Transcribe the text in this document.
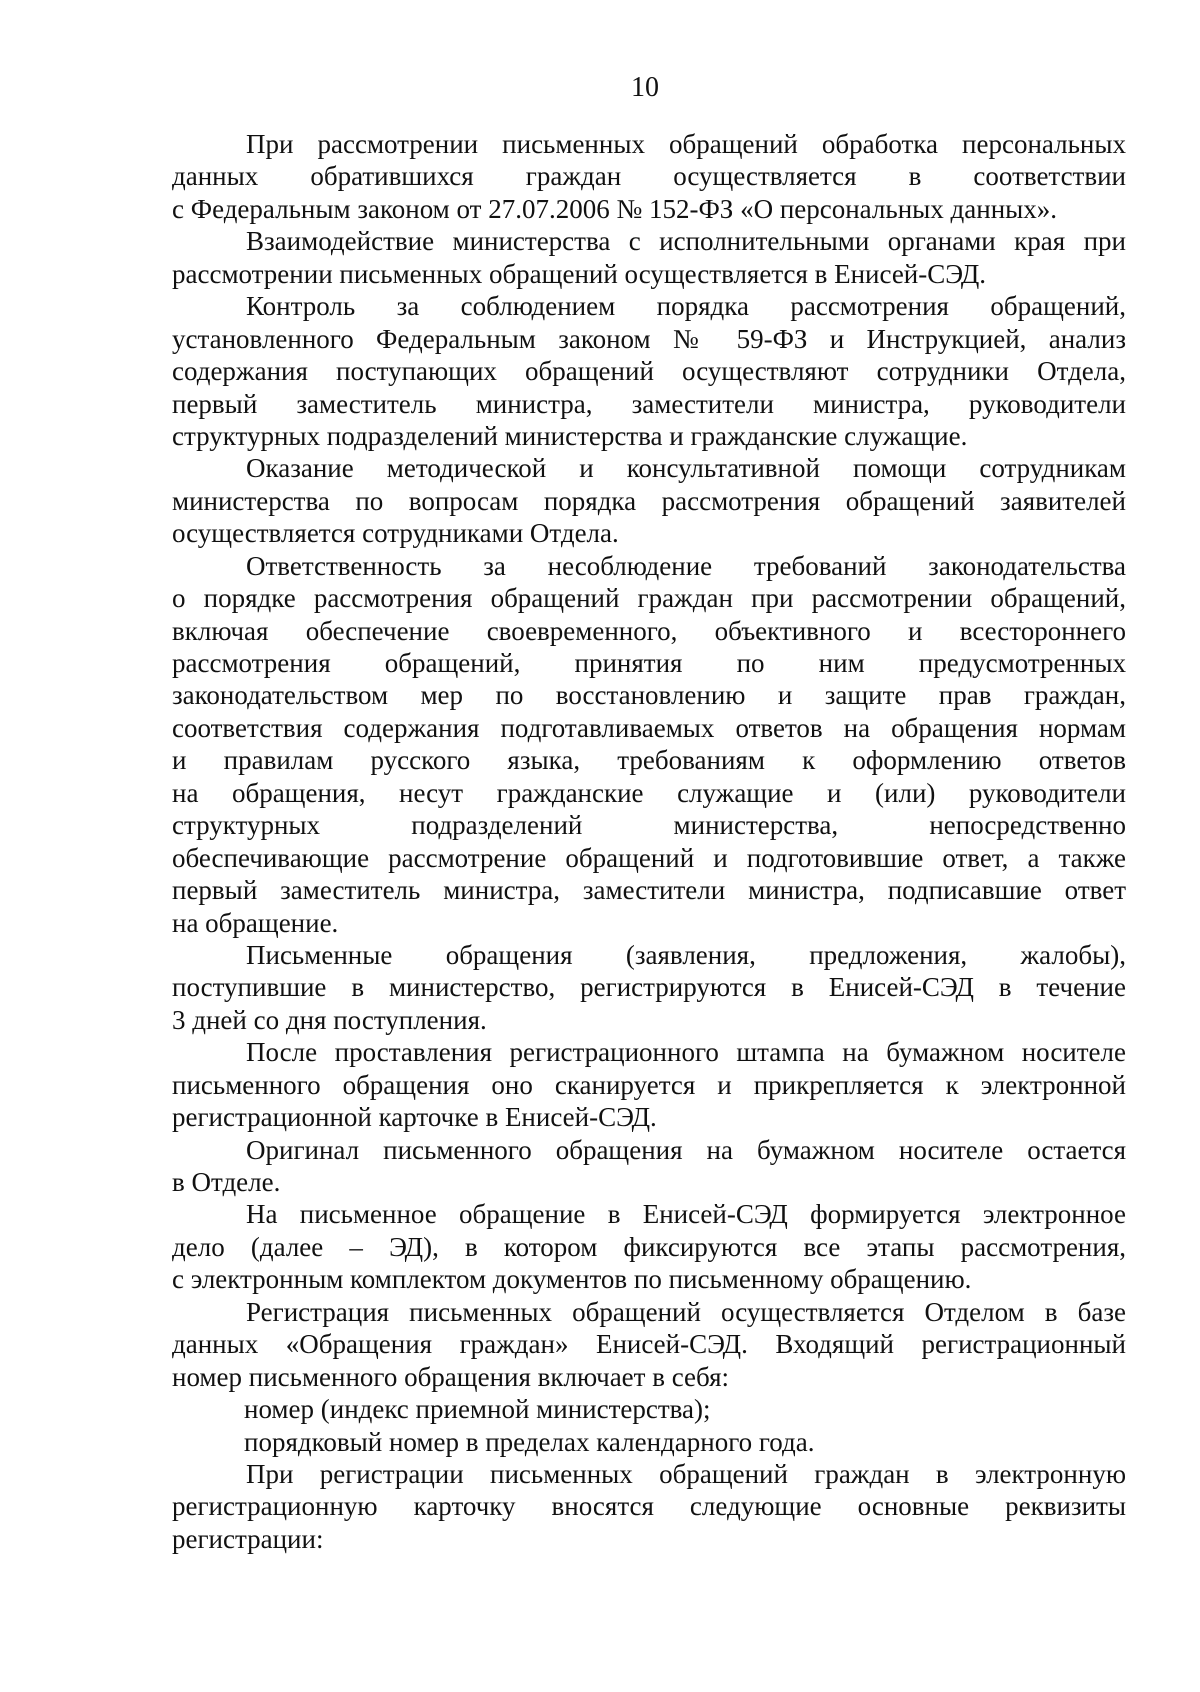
10
При рассмотрении письменных обращений обработка персональных
данных обратившихся граждан осуществляется в соответствии
с Федеральным законом от 27.07.2006 № 152-ФЗ «О персональных данных».
Взаимодействие министерства с исполнительными органами края при
рассмотрении письменных обращений осуществляется в Енисей-СЭД.
Контроль за соблюдением порядка рассмотрения обращений,
установленного Федеральным законом № 59-ФЗ и Инструкцией, анализ
содержания поступающих обращений осуществляют сотрудники Отдела,
первый заместитель министра, заместители министра, руководители
структурных подразделений министерства и гражданские служащие.
Оказание методической и консультативной помощи сотрудникам
министерства по вопросам порядка рассмотрения обращений заявителей
осуществляется сотрудниками Отдела.
Ответственность за несоблюдение требований законодательства
о порядке рассмотрения обращений граждан при рассмотрении обращений,
включая обеспечение своевременного, объективного и всестороннего
рассмотрения обращений, принятия по ним предусмотренных
законодательством мер по восстановлению и защите прав граждан,
соответствия содержания подготавливаемых ответов на обращения нормам
и правилам русского языка, требованиям к оформлению ответов
на обращения, несут гражданские служащие и (или) руководители
структурных подразделений министерства, непосредственно
обеспечивающие рассмотрение обращений и подготовившие ответ, а также
первый заместитель министра, заместители министра, подписавшие ответ
на обращение.
Письменные обращения (заявления, предложения, жалобы),
поступившие в министерство, регистрируются в Енисей-СЭД в течение
3 дней со дня поступления.
После проставления регистрационного штампа на бумажном носителе
письменного обращения оно сканируется и прикрепляется к электронной
регистрационной карточке в Енисей-СЭД.
Оригинал письменного обращения на бумажном носителе остается
в Отделе.
На письменное обращение в Енисей-СЭД формируется электронное
дело (далее – ЭД), в котором фиксируются все этапы рассмотрения,
с электронным комплектом документов по письменному обращению.
Регистрация письменных обращений осуществляется Отделом в базе
данных «Обращения граждан» Енисей-СЭД. Входящий регистрационный
номер письменного обращения включает в себя:
номер (индекс приемной министерства);
порядковый номер в пределах календарного года.
При регистрации письменных обращений граждан в электронную
регистрационную карточку вносятся следующие основные реквизиты
регистрации:
